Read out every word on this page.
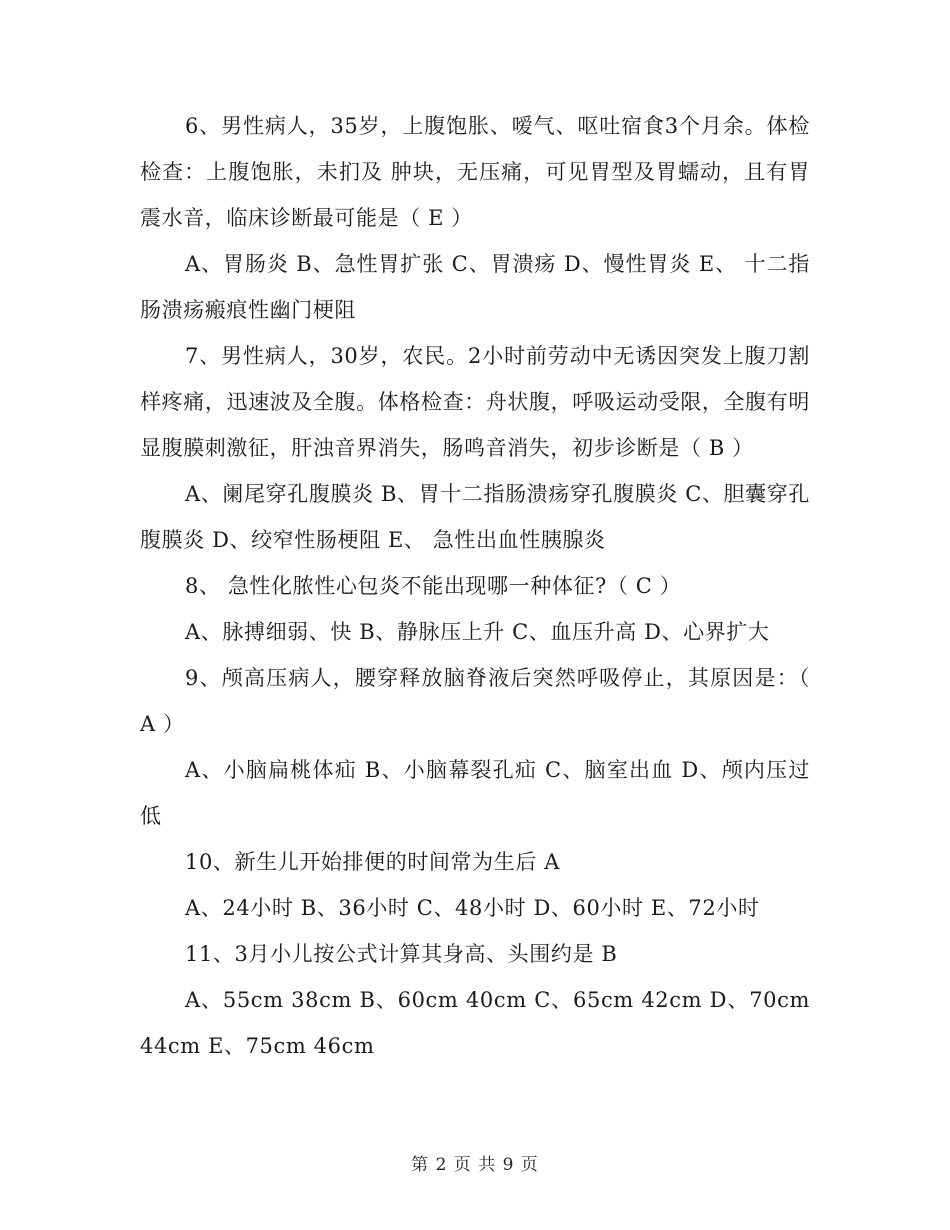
6、男性病人，35岁，上腹饱胀、嗳气、呕吐宿食3个月余。体检检查：上腹饱胀，未扪及 肿块，无压痛，可见胃型及胃蠕动，且有胃震水音，临床诊断最可能是（ E ）

A、胃肠炎 B、急性胃扩张 C、胃溃疡 D、慢性胃炎 E、 十二指肠溃疡瘢痕性幽门梗阻

7、男性病人，30岁，农民。2小时前劳动中无诱因突发上腹刀割样疼痛，迅速波及全腹。体格检查：舟状腹，呼吸运动受限，全腹有明显腹膜刺激征，肝浊音界消失，肠鸣音消失，初步诊断是（ B ）

A、阑尾穿孔腹膜炎 B、胃十二指肠溃疡穿孔腹膜炎 C、胆囊穿孔腹膜炎 D、绞窄性肠梗阻 E、 急性出血性胰腺炎

8、 急性化脓性心包炎不能出现哪一种体征?（ C ）

A、脉搏细弱、快 B、静脉压上升 C、血压升高 D、心界扩大

9、颅高压病人，腰穿释放脑脊液后突然呼吸停止，其原因是：（ A ）

A、小脑扁桃体疝 B、小脑幕裂孔疝 C、脑室出血 D、颅内压过低

10、新生儿开始排便的时间常为生后 A

A、24小时 B、36小时 C、48小时 D、60小时 E、72小时

11、3月小儿按公式计算其身高、头围约是 B

A、55cm 38cm B、60cm 40cm C、65cm 42cm D、70cm 44cm E、75cm 46cm

第 2 页 共 9 页
